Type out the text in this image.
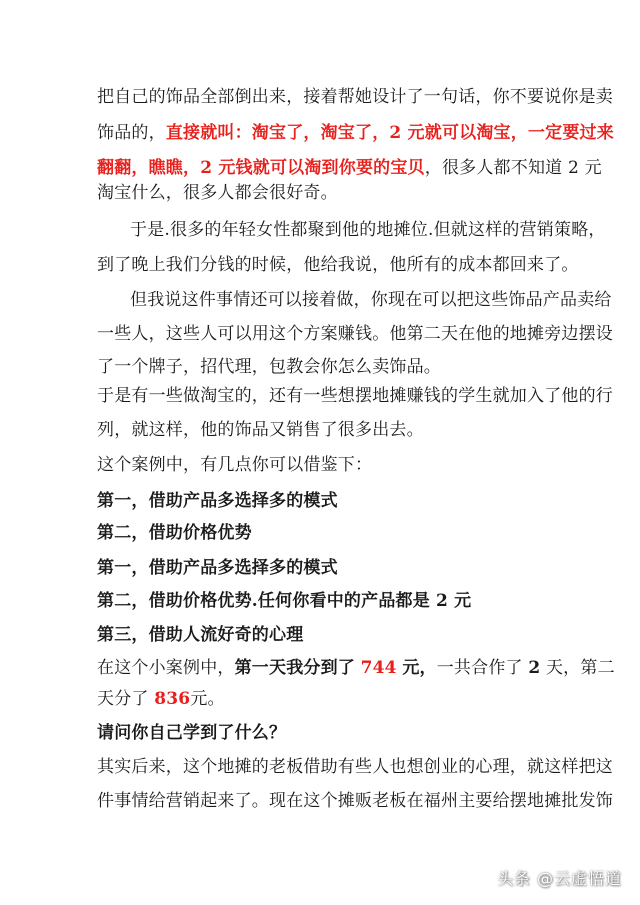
把自己的饰品全部倒出来，接着帮她设计了一句话，你不要说你是卖
饰品的，直接就叫：淘宝了，淘宝了，2 元就可以淘宝，一定要过来
翻翻，瞧瞧，2 元钱就可以淘到你要的宝贝，很多人都不知道 2 元
淘宝什么，很多人都会很好奇。
于是.很多的年轻女性都聚到他的地摊位.但就这样的营销策略，
到了晚上我们分钱的时候，他给我说，他所有的成本都回来了。
但我说这件事情还可以接着做，你现在可以把这些饰品产品卖给
一些人，这些人可以用这个方案赚钱。他第二天在他的地摊旁边摆设
了一个牌子，招代理，包教会你怎么卖饰品。
于是有一些做淘宝的，还有一些想摆地摊赚钱的学生就加入了他的行
列，就这样，他的饰品又销售了很多出去。
这个案例中，有几点你可以借鉴下：
第一，借助产品多选择多的模式
第二，借助价格优势
第一，借助产品多选择多的模式
第二，借助价格优势.任何你看中的产品都是 2 元
第三，借助人流好奇的心理
在这个小案例中，第一天我分到了 744 元，一共合作了 2 天，第二
天分了 836元。
请问你自己学到了什么？
其实后来，这个地摊的老板借助有些人也想创业的心理，就这样把这
件事情给营销起来了。现在这个摊贩老板在福州主要给摆地摊批发饰
头条 @云虚悟道
